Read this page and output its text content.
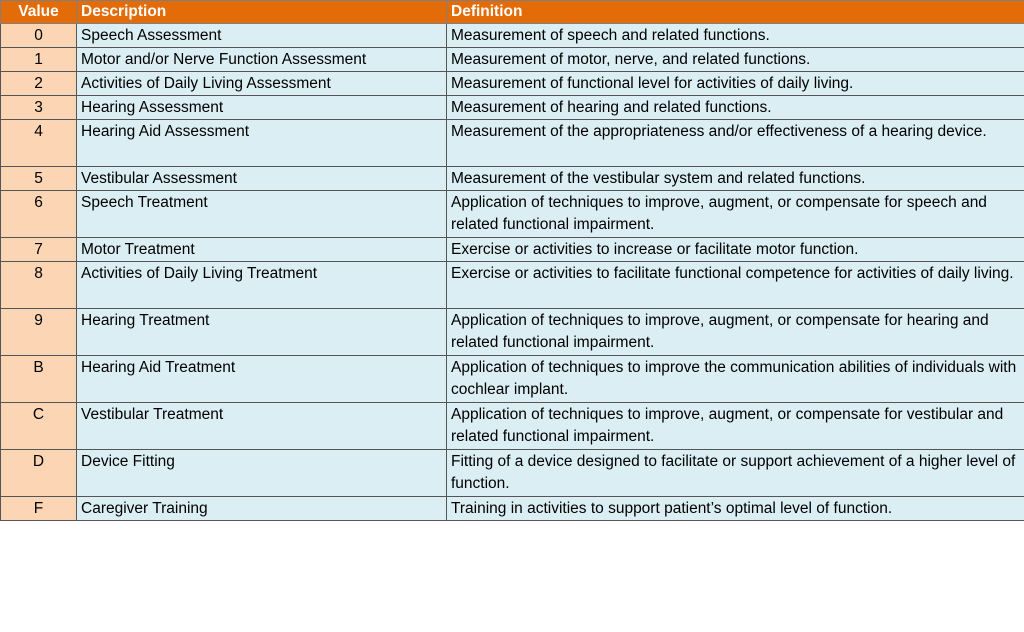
Value	Description	Definition
0	Speech Assessment	Measurement of speech and related functions.
1	Motor and/or Nerve Function Assessment	Measurement of motor, nerve, and related functions.
2	Activities of Daily Living Assessment	Measurement of functional level for activities of daily living.
3	Hearing Assessment	Measurement of hearing and related functions.
4	Hearing Aid Assessment	Measurement of the appropriateness and/or effectiveness of a hearing device.
5	Vestibular Assessment	Measurement of the vestibular system and related functions.
6	Speech Treatment	Application of techniques to improve, augment, or compensate for speech and related functional impairment.
7	Motor Treatment	Exercise or activities to increase or facilitate motor function.
8	Activities of Daily Living Treatment	Exercise or activities to facilitate functional competence for activities of daily living.
9	Hearing Treatment	Application of techniques to improve, augment, or compensate for hearing and related functional impairment.
B	Hearing Aid Treatment	Application of techniques to improve the communication abilities of individuals with cochlear implant.
C	Vestibular Treatment	Application of techniques to improve, augment, or compensate for vestibular and related functional impairment.
D	Device Fitting	Fitting of a device designed to facilitate or support achievement of a higher level of function.
F	Caregiver Training	Training in activities to support patient’s optimal level of function.
